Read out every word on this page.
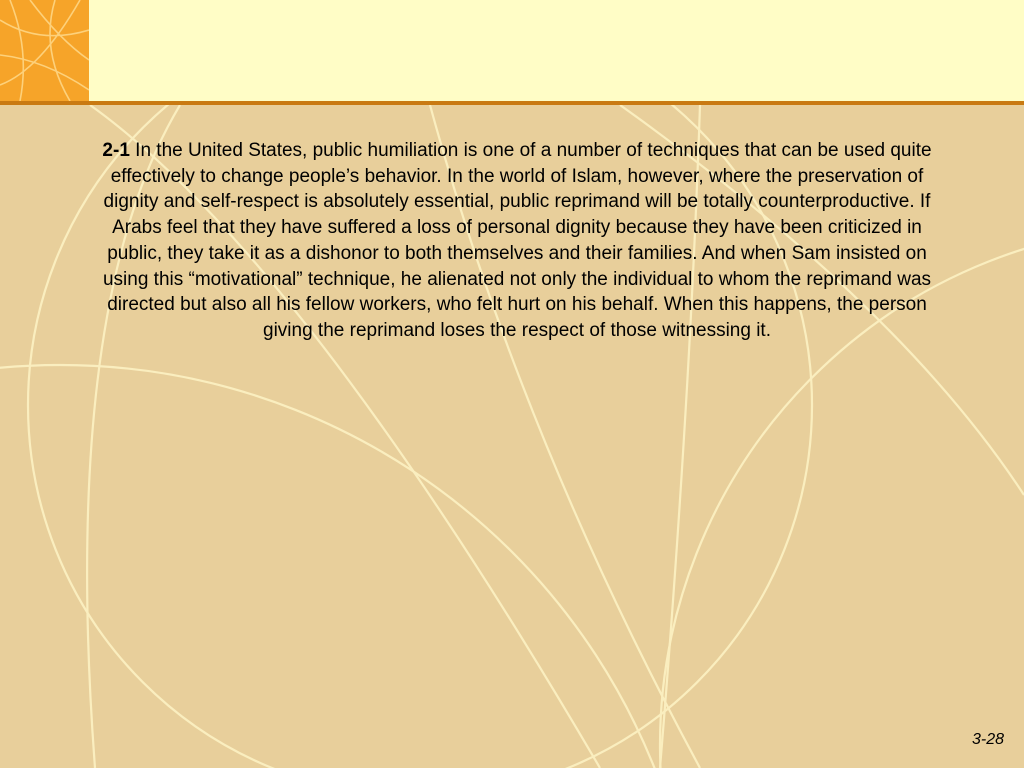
2-1 In the United States, public humiliation is one of a number of techniques that can be used quite effectively to change people’s behavior. In the world of Islam, however, where the preservation of dignity and self-respect is absolutely essential, public reprimand will be totally counterproductive. If Arabs feel that they have suffered a loss of personal dignity because they have been criticized in public, they take it as a dishonor to both themselves and their families. And when Sam insisted on using this “motivational” technique, he alienated not only the individual to whom the reprimand was directed but also all his fellow workers, who felt hurt on his behalf. When this happens, the person giving the reprimand loses the respect of those witnessing it.
3-28
